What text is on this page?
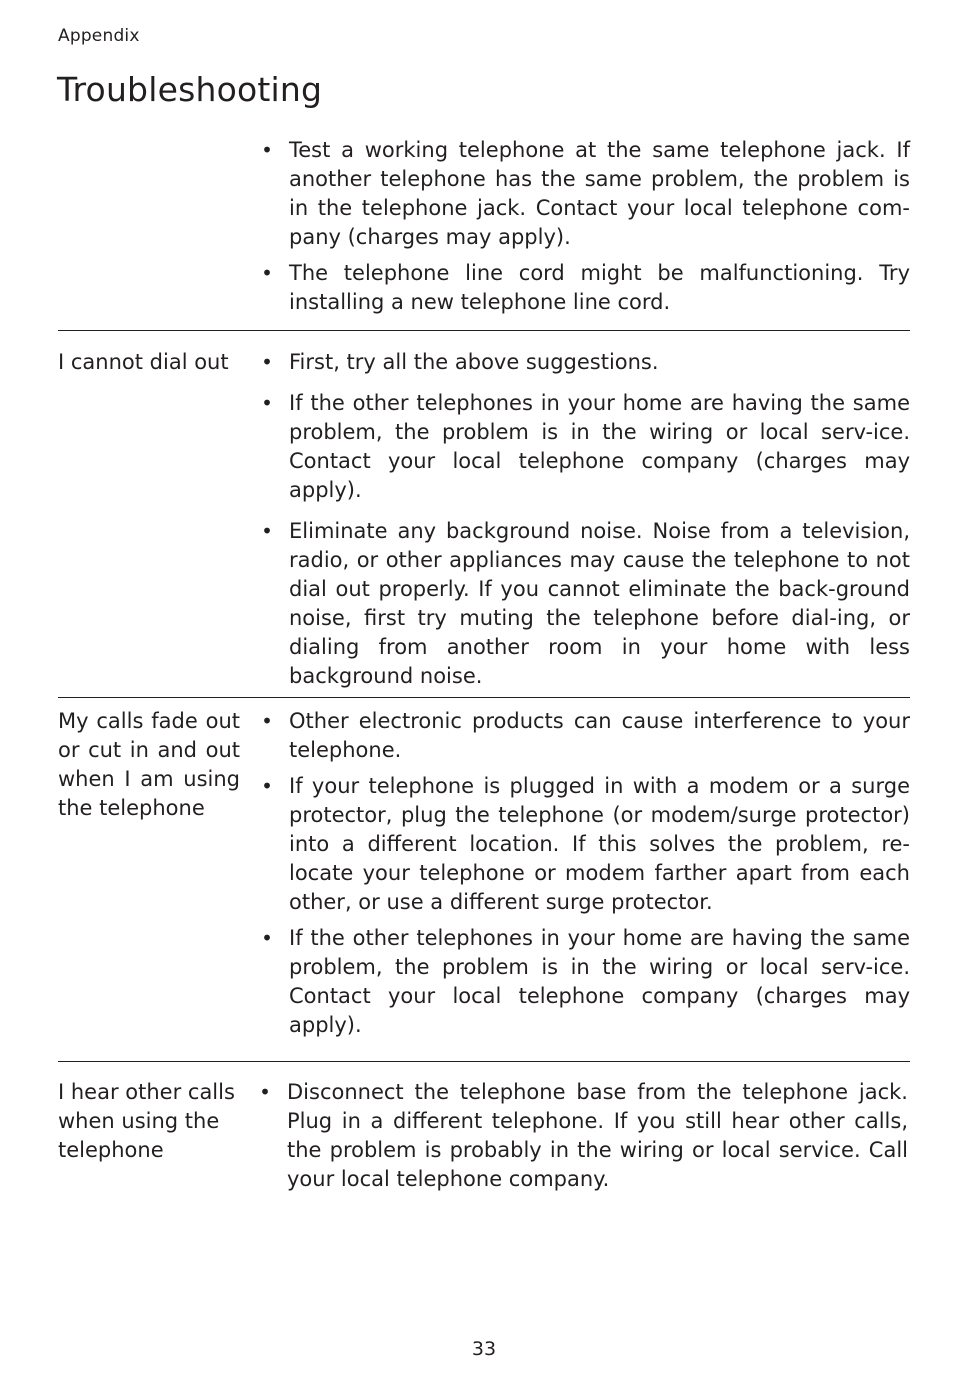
Appendix
Troubleshooting
• Test a working telephone at the same telephone jack. If another telephone has the same problem, the problem is in the telephone jack. Contact your local telephone com-pany (charges may apply).
• The telephone line cord might be malfunctioning. Try installing a new telephone line cord.
I cannot dial out	• First, try all the above suggestions.
• If the other telephones in your home are having the same problem, the problem is in the wiring or local serv-ice. Contact your local telephone company (charges may apply).
• Eliminate any background noise. Noise from a television, radio, or other appliances may cause the telephone to not dial out properly. If you cannot eliminate the back-ground noise, first try muting the telephone before dial-ing, or dialing from another room in your home with less background noise.
My calls fade out or cut in and out when I am using the telephone
• Other electronic products can cause interference to your telephone.
• If your telephone is plugged in with a modem or a surge protector, plug the telephone (or modem/surge protector) into a different location. If this solves the problem, re-locate your telephone or modem farther apart from each other, or use a different surge protector.
• If the other telephones in your home are having the same problem, the problem is in the wiring or local serv-ice. Contact your local telephone company (charges may apply).
I hear other calls when using the telephone
• Disconnect the telephone base from the telephone jack. Plug in a different telephone. If you still hear other calls, the problem is probably in the wiring or local service. Call your local telephone company.
33
